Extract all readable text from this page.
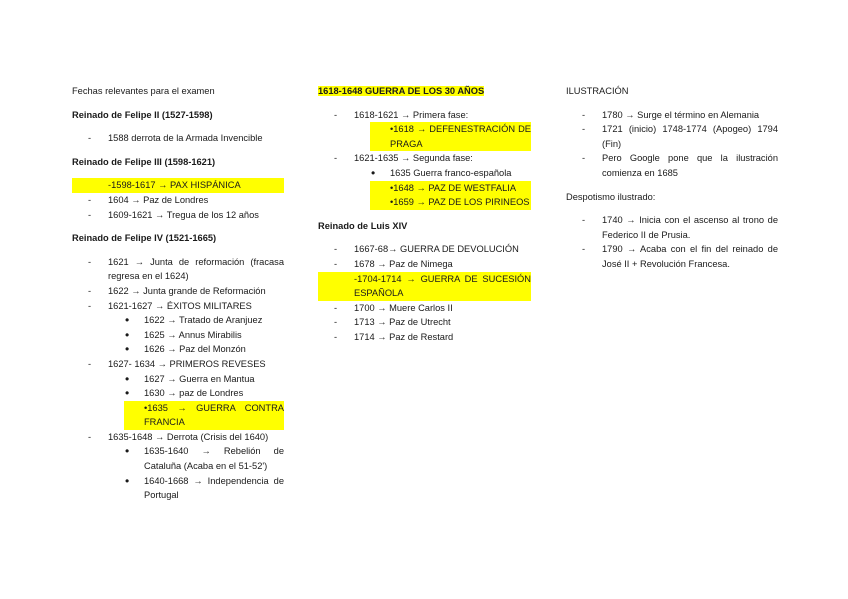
Fechas relevantes para el examen

Reinado de Felipe II (1527-1598)

- 1588 derrota de la Armada Invencible

Reinado de Felipe III (1598-1621)

-1598-1617 → PAX HISPÁNICA
- 1604 → Paz de Londres
- 1609-1621 → Tregua de los 12 años

Reinado de Felipe IV (1521-1665)

- 1621 → Junta de reformación (fracasa regresa en el 1624)
- 1622 → Junta grande de Reformación
- 1621-1627 → ÉXITOS MILITARES
• 1622 → Tratado de Aranjuez
• 1625 → Annus Mirabilis
• 1626 → Paz del Monzón
- 1627- 1634 → PRIMEROS REVESES
• 1627 → Guerra en Mantua
• 1630 → paz de Londres
•1635 → GUERRA CONTRA FRANCIA
- 1635-1648 → Derrota (Crisis del 1640)
• 1635-1640 → Rebelión de Cataluña (Acaba en el 51-52')
• 1640-1668 → Independencia de Portugal

1618-1648 GUERRA DE LOS 30 AÑOS

- 1618-1621 → Primera fase:
•1618 → DEFENESTRACIÓN DE PRAGA
- 1621-1635 → Segunda fase:
• 1635 Guerra franco-española
•1648 → PAZ DE WESTFALIA
•1659 → PAZ DE LOS PIRINEOS

Reinado de Luis XIV

- 1667-68→ GUERRA DE DEVOLUCIÓN
- 1678 → Paz de Nimega
-1704-1714 → GUERRA DE SUCESIÓN ESPAÑOLA
- 1700 → Muere Carlos II
- 1713 → Paz de Utrecht
- 1714 → Paz de Restard

ILUSTRACIÓN

- 1780 → Surge el término en Alemania
- 1721 (inicio) 1748-1774 (Apogeo) 1794 (Fin)
- Pero Google pone que la ilustración comienza en 1685

Despotismo ilustrado:

- 1740 → Inicia con el ascenso al trono de Federico II de Prusia.
- 1790 → Acaba con el fin del reinado de José II + Revolución Francesa.
